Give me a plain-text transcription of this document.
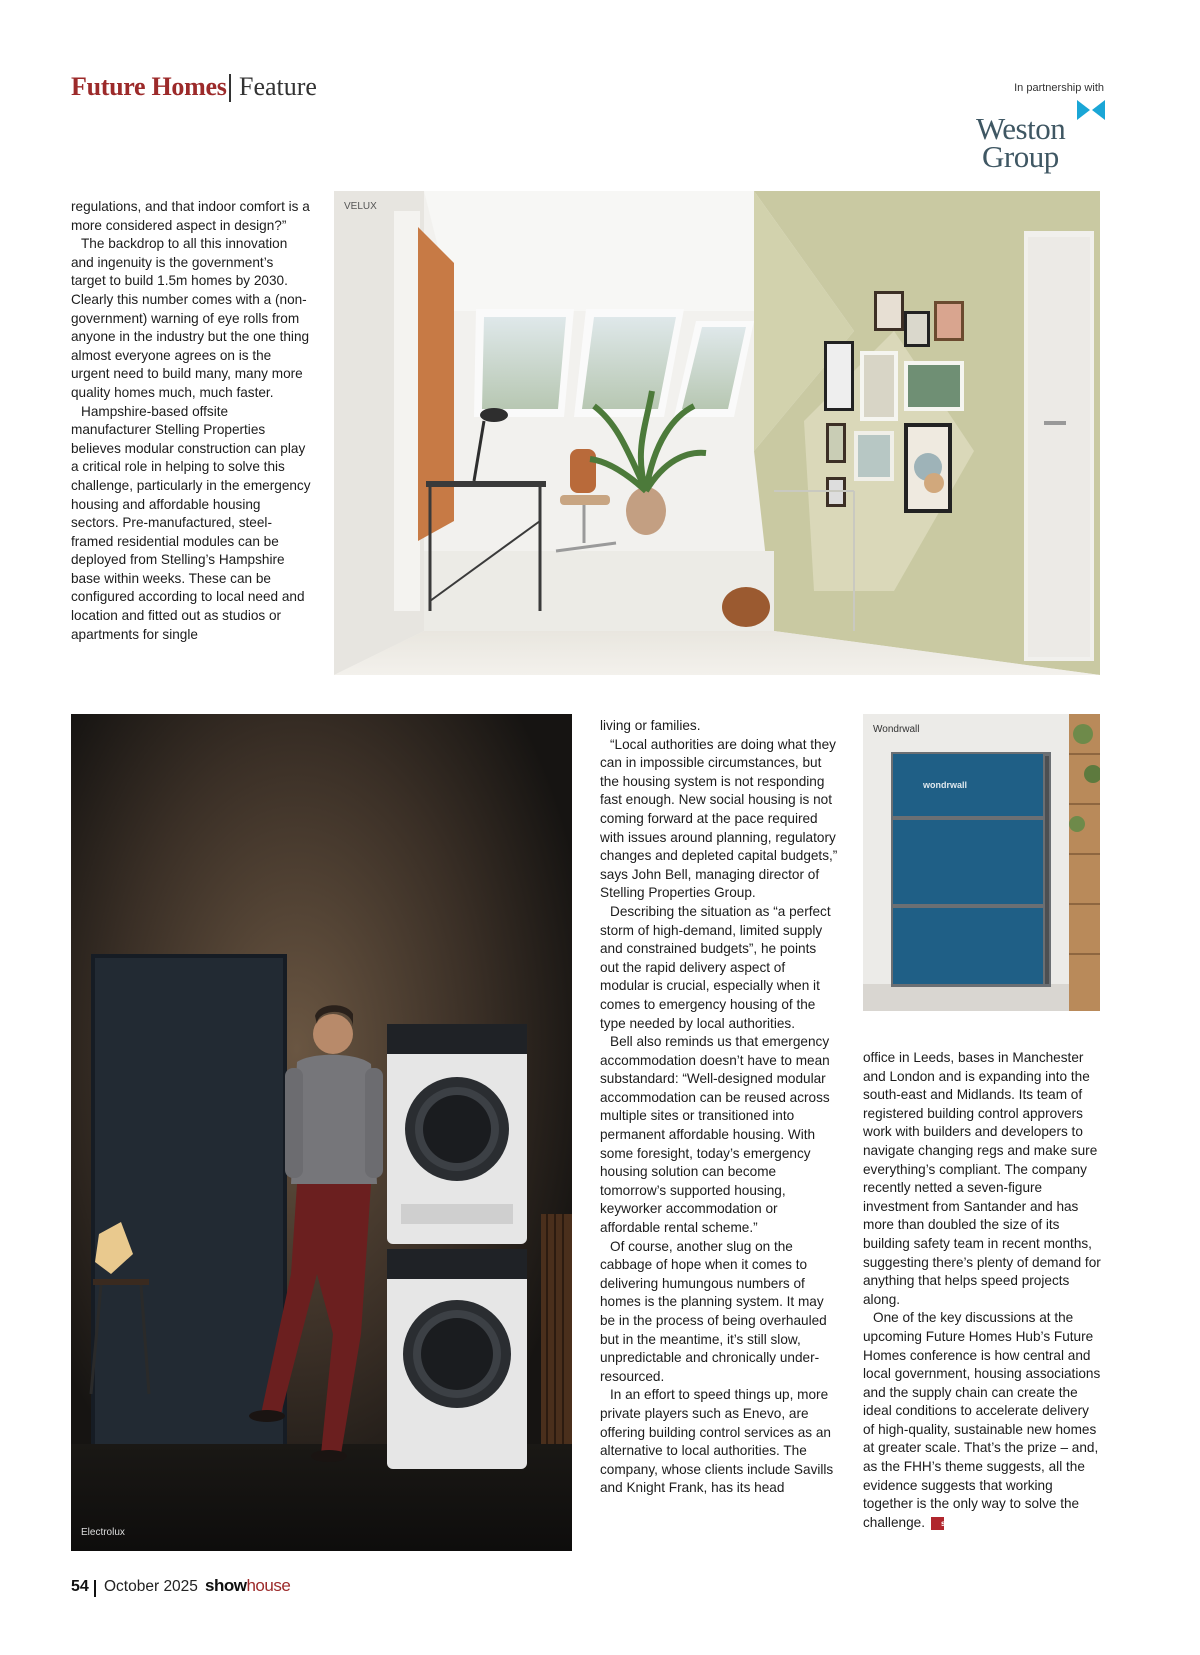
Future Homes Feature	In partnership with
Weston
Group

regulations, and that indoor comfort is a more considered aspect in design?”

The backdrop to all this innovation and ingenuity is the government’s target to build 1.5m homes by 2030. Clearly this number comes with a (non-government) warning of eye rolls from anyone in the industry but the one thing almost everyone agrees on is the urgent need to build many, many more quality homes much, much faster.

Hampshire-based offsite manufacturer Stelling Properties believes modular construction can play a critical role in helping to solve this challenge, particularly in the emergency housing and affordable housing sectors. Pre-manufactured, steel-framed residential modules can be deployed from Stelling’s Hampshire base within weeks. These can be configured according to local need and location and fitted out as studios or apartments for single

VELUX
Electrolux

living or families.

“Local authorities are doing what they can in impossible circumstances, but the housing system is not responding fast enough. New social housing is not coming forward at the pace required with issues around planning, regulatory changes and depleted capital budgets,” says John Bell, managing director of Stelling Properties Group.

Describing the situation as “a perfect storm of high-demand, limited supply and constrained budgets”, he points out the rapid delivery aspect of modular is crucial, especially when it comes to emergency housing of the type needed by local authorities.

Bell also reminds us that emergency accommodation doesn’t have to mean substandard: “Well-designed modular accommodation can be reused across multiple sites or transitioned into permanent affordable housing. With some foresight, today’s emergency housing solution can become tomorrow’s supported housing, keyworker accommodation or affordable rental scheme.”

Of course, another slug on the cabbage of hope when it comes to delivering humungous numbers of homes is the planning system. It may be in the process of being overhauled but in the meantime, it’s still slow, unpredictable and chronically under-resourced.

In an effort to speed things up, more private players such as Enevo, are offering building control services as an alternative to local authorities. The company, whose clients include Savills and Knight Frank, has its head

Wondrwall
wondrwall

office in Leeds, bases in Manchester and London and is expanding into the south-east and Midlands. Its team of registered building control approvers work with builders and developers to navigate changing regs and make sure everything’s compliant. The company recently netted a seven-figure investment from Santander and has more than doubled the size of its building safety team in recent months, suggesting there’s plenty of demand for anything that helps speed projects along.

One of the key discussions at the upcoming Future Homes Hub’s Future Homes conference is how central and local government, housing associations and the supply chain can create the ideal conditions to accelerate delivery of high-quality, sustainable new homes at greater scale. That’s the prize – and, as the FHH’s theme suggests, all the evidence suggests that working together is the only way to solve the challenge. sh

54 October 2025 showhouse
